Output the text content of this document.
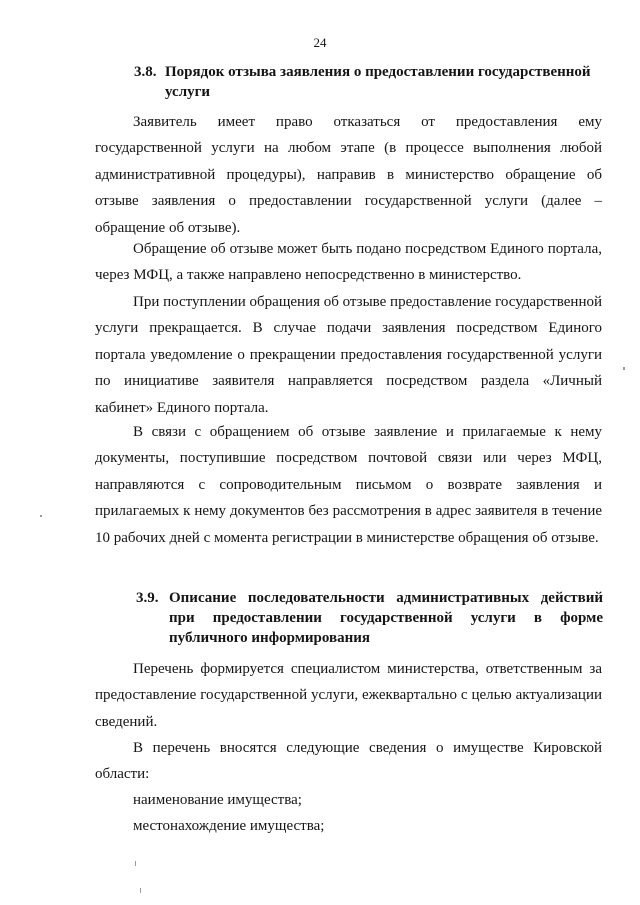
24
3.8. Порядок отзыва заявления о предоставлении государственной услуги
Заявитель имеет право отказаться от предоставления ему государственной услуги на любом этапе (в процессе выполнения любой административной процедуры), направив в министерство обращение об отзыве заявления о предоставлении государственной услуги (далее – обращение об отзыве).
Обращение об отзыве может быть подано посредством Единого портала, через МФЦ, а также направлено непосредственно в министерство.
При поступлении обращения об отзыве предоставление государственной услуги прекращается. В случае подачи заявления посредством Единого портала уведомление о прекращении предоставления государственной услуги по инициативе заявителя направляется посредством раздела «Личный кабинет» Единого портала.
В связи с обращением об отзыве заявление и прилагаемые к нему документы, поступившие посредством почтовой связи или через МФЦ, направляются с сопроводительным письмом о возврате заявления и прилагаемых к нему документов без рассмотрения в адрес заявителя в течение 10 рабочих дней с момента регистрации в министерстве обращения об отзыве.
3.9. Описание последовательности административных действий при предоставлении государственной услуги в форме публичного информирования
Перечень формируется специалистом министерства, ответственным за предоставление государственной услуги, ежеквартально с целью актуализации сведений.
В перечень вносятся следующие сведения о имуществе Кировской области:
наименование имущества;
местонахождение имущества;
